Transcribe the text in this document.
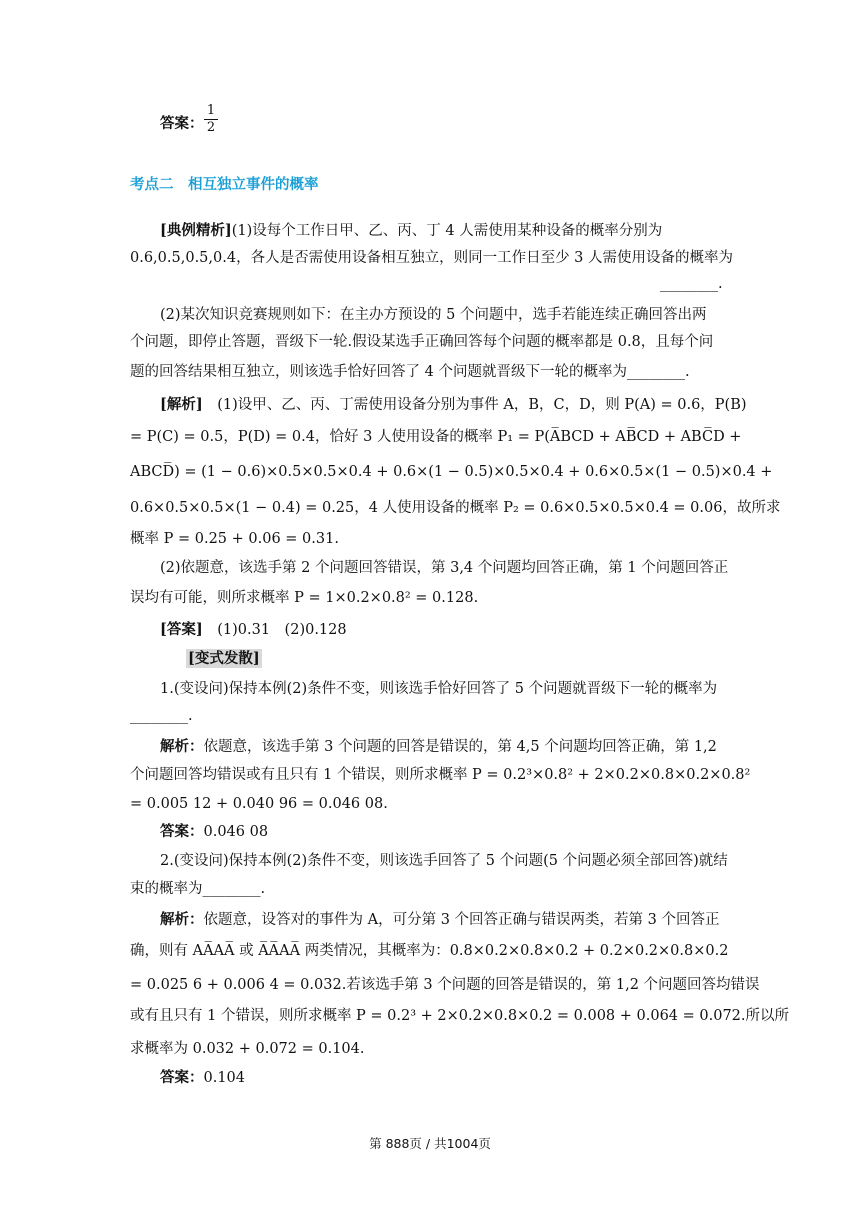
答案：
1
2
考点二　相互独立事件的概率
[典例精析](1)设每个工作日甲、乙、丙、丁 4 人需使用某种设备的概率分别为
0.6,0.5,0.5,0.4，各人是否需使用设备相互独立，则同一工作日至少 3 人需使用设备的概率为
________.
(2)某次知识竞赛规则如下：在主办方预设的 5 个问题中，选手若能连续正确回答出两
个问题，即停止答题，晋级下一轮.假设某选手正确回答每个问题的概率都是 0.8，且每个问
题的回答结果相互独立，则该选手恰好回答了 4 个问题就晋级下一轮的概率为________.
[解析]　(1)设甲、乙、丙、丁需使用设备分别为事件 A，B，C，D，则 P(A) = 0.6，P(B)
= P(C) = 0.5，P(D) = 0.4，恰好 3 人使用设备的概率 P₁ = P(A̅BCD + AB̅CD + ABC̅D +
ABCD̅) = (1 − 0.6)×0.5×0.5×0.4 + 0.6×(1 − 0.5)×0.5×0.4 + 0.6×0.5×(1 − 0.5)×0.4 +
0.6×0.5×0.5×(1 − 0.4) = 0.25，4 人使用设备的概率 P₂ = 0.6×0.5×0.5×0.4 = 0.06，故所求
概率 P = 0.25 + 0.06 = 0.31.
(2)依题意，该选手第 2 个问题回答错误，第 3,4 个问题均回答正确，第 1 个问题回答正
误均有可能，则所求概率 P = 1×0.2×0.8² = 0.128.
[答案]　(1)0.31　(2)0.128
[变式发散]
1.(变设问)保持本例(2)条件不变，则该选手恰好回答了 5 个问题就晋级下一轮的概率为
________.
解析：依题意，该选手第 3 个问题的回答是错误的，第 4,5 个问题均回答正确，第 1,2
个问题回答均错误或有且只有 1 个错误，则所求概率 P = 0.2³×0.8² + 2×0.2×0.8×0.2×0.8²
= 0.005 12 + 0.040 96 = 0.046 08.
答案：0.046 08
2.(变设问)保持本例(2)条件不变，则该选手回答了 5 个问题(5 个问题必须全部回答)就结
束的概率为________.
解析：依题意，设答对的事件为 A，可分第 3 个回答正确与错误两类，若第 3 个回答正
确，则有 AA̅AA̅ 或 A̅A̅AA̅ 两类情况，其概率为：0.8×0.2×0.8×0.2 + 0.2×0.2×0.8×0.2
= 0.025 6 + 0.006 4 = 0.032.若该选手第 3 个问题的回答是错误的，第 1,2 个问题回答均错误
或有且只有 1 个错误，则所求概率 P = 0.2³ + 2×0.2×0.8×0.2 = 0.008 + 0.064 = 0.072.所以所
求概率为 0.032 + 0.072 = 0.104.
答案：0.104
第 888页 / 共1004页
